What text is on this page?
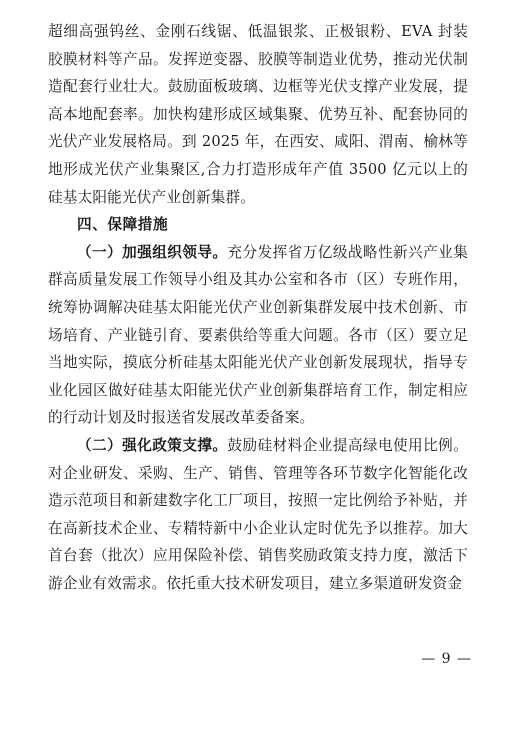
超细高强钨丝、金刚石线锯、低温银浆、正极银粉、EVA 封装胶膜材料等产品。发挥逆变器、胶膜等制造业优势，推动光伏制造配套行业壮大。鼓励面板玻璃、边框等光伏支撑产业发展，提高本地配套率。加快构建形成区域集聚、优势互补、配套协同的光伏产业发展格局。到 2025 年，在西安、咸阳、渭南、榆林等地形成光伏产业集聚区,合力打造形成年产值 3500 亿元以上的硅基太阳能光伏产业创新集群。

四、保障措施

（一）加强组织领导。充分发挥省万亿级战略性新兴产业集群高质量发展工作领导小组及其办公室和各市（区）专班作用，统筹协调解决硅基太阳能光伏产业创新集群发展中技术创新、市场培育、产业链引育、要素供给等重大问题。各市（区）要立足当地实际，摸底分析硅基太阳能光伏产业创新发展现状，指导专业化园区做好硅基太阳能光伏产业创新集群培育工作，制定相应的行动计划及时报送省发展改革委备案。

（二）强化政策支撑。鼓励硅材料企业提高绿电使用比例。对企业研发、采购、生产、销售、管理等各环节数字化智能化改造示范项目和新建数字化工厂项目，按照一定比例给予补贴，并在高新技术企业、专精特新中小企业认定时优先予以推荐。加大首台套（批次）应用保险补偿、销售奖励政策支持力度，激活下游企业有效需求。依托重大技术研发项目，建立多渠道研发资金

— 9 —
